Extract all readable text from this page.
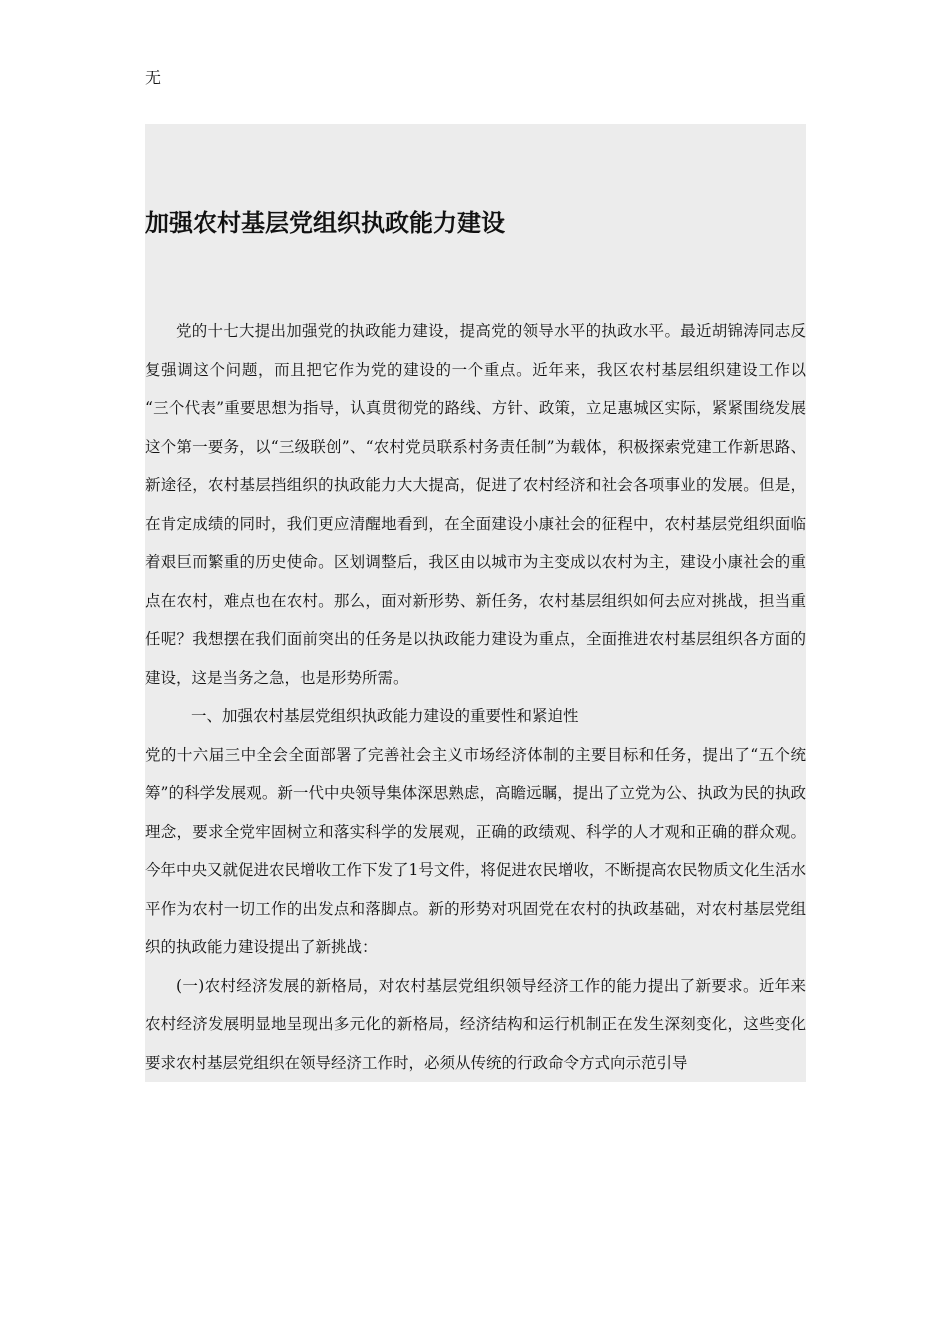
无
加强农村基层党组织执政能力建设

党的十七大提出加强党的执政能力建设，提高党的领导水平的执政水平。最近胡锦涛同志反复强调这个问题，而且把它作为党的建设的一个重点。近年来，我区农村基层组织建设工作以 “三个代表”重要思想为指导，认真贯彻党的路线、方针、政策，立足惠城区实际，紧紧围绕发展这个第一要务，以“三级联创”、“农村党员联系村务责任制”为载体，积极探索党建工作新思路、新途径，农村基层挡组织的执政能力大大提高，促进了农村经济和社会各项事业的发展。但是，在肯定成绩的同时，我们更应清醒地看到，在全面建设小康社会的征程中，农村基层党组织面临着艰巨而繁重的历史使命。区划调整后，我区由以城市为主变成以农村为主，建设小康社会的重点在农村，难点也在农村。那么，面对新形势、新任务，农村基层组织如何去应对挑战，担当重任呢？我想摆在我们面前突出的任务是以执政能力建设为重点，全面推进农村基层组织各方面的建设，这是当务之急，也是形势所需。

一、加强农村基层党组织执政能力建设的重要性和紧迫性

党的十六届三中全会全面部署了完善社会主义市场经济体制的主要目标和任务，提出了“五个统筹”的科学发展观。新一代中央领导集体深思熟虑，高瞻远瞩，提出了立党为公、执政为民的执政理念，要求全党牢固树立和落实科学的发展观，正确的政绩观、科学的人才观和正确的群众观。今年中央又就促进农民增收工作下发了1号文件，将促进农民增收，不断提高农民物质文化生活水平作为农村一切工作的出发点和落脚点。新的形势对巩固党在农村的执政基础，对农村基层党组织的执政能力建设提出了新挑战：

(一)农村经济发展的新格局，对农村基层党组织领导经济工作的能力提出了新要求。近年来农村经济发展明显地呈现出多元化的新格局，经济结构和运行机制正在发生深刻变化，这些变化要求农村基层党组织在领导经济工作时，必须从传统的行政命令方式向示范引导
